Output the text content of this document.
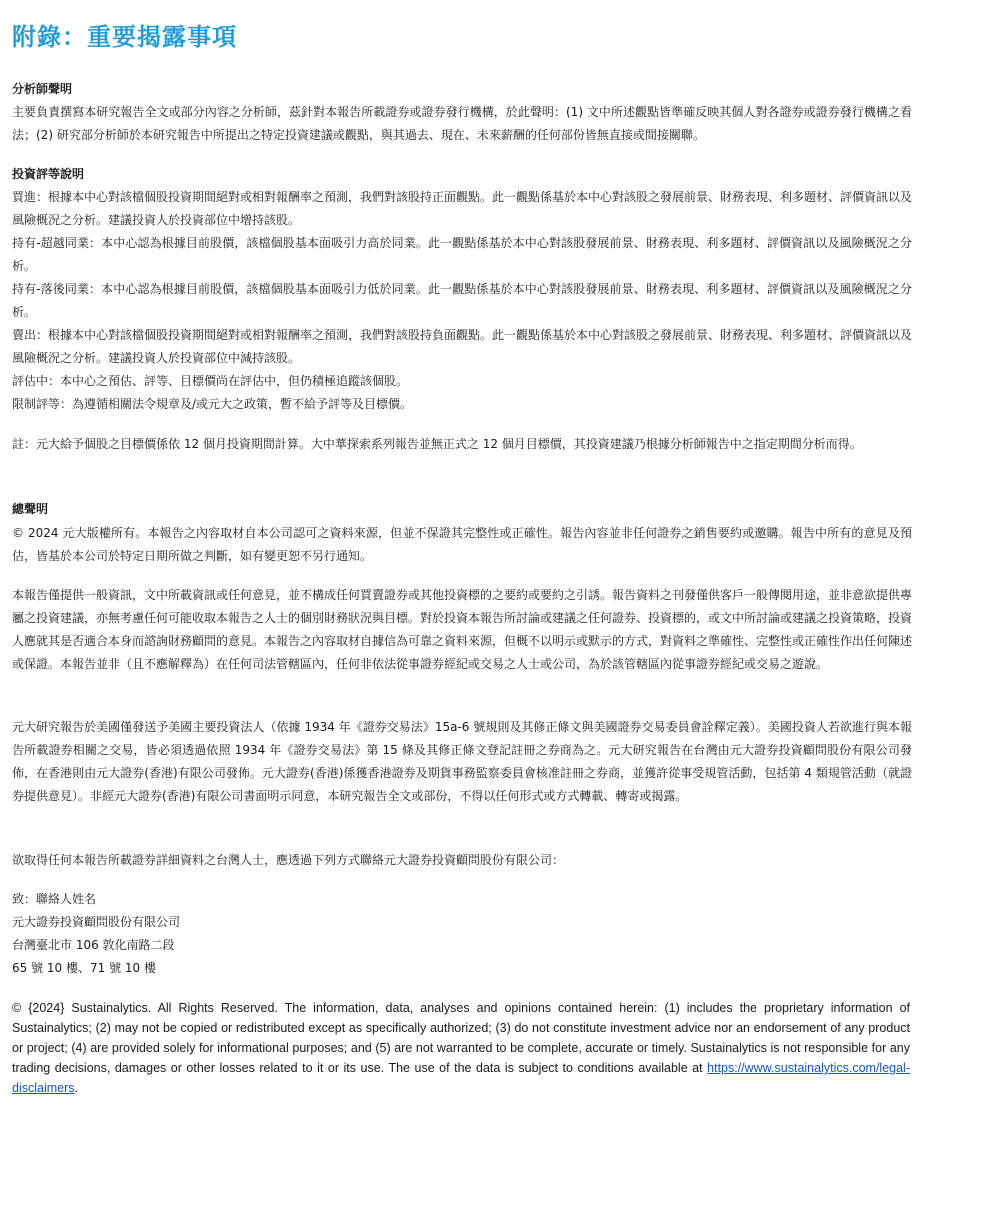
附錄：重要揭露事項
分析師聲明
主要負責撰寫本研究報告全文或部分內容之分析師，茲針對本報告所載證券或證券發行機構，於此聲明：(1) 文中所述觀點皆準確反映其個人對各證券或證券發行機構之看法；(2) 研究部分析師於本研究報告中所提出之特定投資建議或觀點，與其過去、現在、未來薪酬的任何部份皆無直接或間接關聯。
投資評等說明

買進：根據本中心對該檔個股投資期間絕對或相對報酬率之預測，我們對該股持正面觀點。此一觀點係基於本中心對該股之發展前景、財務表現、利多題材、評價資訊以及風險概況之分析。建議投資人於投資部位中增持該股。

持有-超越同業：本中心認為根據目前股價，該檔個股基本面吸引力高於同業。此一觀點係基於本中心對該股發展前景、財務表現、利多題材、評價資訊以及風險概況之分析。

持有-落後同業：本中心認為根據目前股價，該檔個股基本面吸引力低於同業。此一觀點係基於本中心對該股發展前景、財務表現、利多題材、評價資訊以及風險概況之分析。

賣出：根據本中心對該檔個股投資期間絕對或相對報酬率之預測，我們對該股持負面觀點。此一觀點係基於本中心對該股之發展前景、財務表現、利多題材、評價資訊以及風險概況之分析。建議投資人於投資部位中減持該股。

評估中：本中心之預估、評等、目標價尚在評估中，但仍積極追蹤該個股。

限制評等：為遵循相關法令規章及/或元大之政策，暫不給予評等及目標價。

註：元大給予個股之目標價係依 12 個月投資期間計算。大中華探索系列報告並無正式之 12 個月目標價，其投資建議乃根據分析師報告中之指定期間分析而得。
總聲明
© 2024 元大版權所有。本報告之內容取材自本公司認可之資料來源，但並不保證其完整性或正確性。報告內容並非任何證券之銷售要約或邀購。報告中所有的意見及預估，皆基於本公司於特定日期所做之判斷，如有變更恕不另行通知。
本報告僅提供一般資訊，文中所載資訊或任何意見，並不構成任何買賣證券或其他投資標的之要約或要約之引誘。報告資料之刊發僅供客戶一般傳閱用途，並非意欲提供專屬之投資建議，亦無考慮任何可能收取本報告之人士的個別財務狀況與目標。對於投資本報告所討論或建議之任何證券、投資標的，或文中所討論或建議之投資策略，投資人應就其是否適合本身而諮詢財務顧問的意見。本報告之內容取材自據信為可靠之資料來源，但概不以明示或默示的方式，對資料之準確性、完整性或正確性作出任何陳述或保證。本報告並非（且不應解釋為）在任何司法管轄區內，任何非依法從事證券經紀或交易之人士或公司，為於該管轄區內從事證券經紀或交易之遊說。
元大研究報告於美國僅發送予美國主要投資法人（依據 1934 年《證券交易法》15a-6 號規則及其修正條文與美國證券交易委員會詮釋定義）。美國投資人若欲進行與本報告所載證券相關之交易，皆必須透過依照 1934 年《證券交易法》第 15 條及其修正條文登記註冊之券商為之。元大研究報告在台灣由元大證券投資顧問股份有限公司發佈，在香港則由元大證券(香港)有限公司發佈。元大證券(香港)係獲香港證券及期貨事務監察委員會核准註冊之券商，並獲許從事受規管活動，包括第 4 類規管活動（就證券提供意見）。非經元大證券(香港)有限公司書面明示同意，本研究報告全文或部份，不得以任何形式或方式轉載、轉寄或揭露。
欲取得任何本報告所載證券詳細資料之台灣人士，應透過下列方式聯絡元大證券投資顧問股份有限公司：
致：聯絡人姓名
元大證券投資顧問股份有限公司
台灣臺北市 106 敦化南路二段
65 號 10 樓、71 號 10 樓
© {2024} Sustainalytics. All Rights Reserved. The information, data, analyses and opinions contained herein: (1) includes the proprietary information of Sustainalytics; (2) may not be copied or redistributed except as specifically authorized; (3) do not constitute investment advice nor an endorsement of any product or project; (4) are provided solely for informational purposes; and (5) are not warranted to be complete, accurate or timely. Sustainalytics is not responsible for any trading decisions, damages or other losses related to it or its use. The use of the data is subject to conditions available at https://www.sustainalytics.com/legal-disclaimers.
